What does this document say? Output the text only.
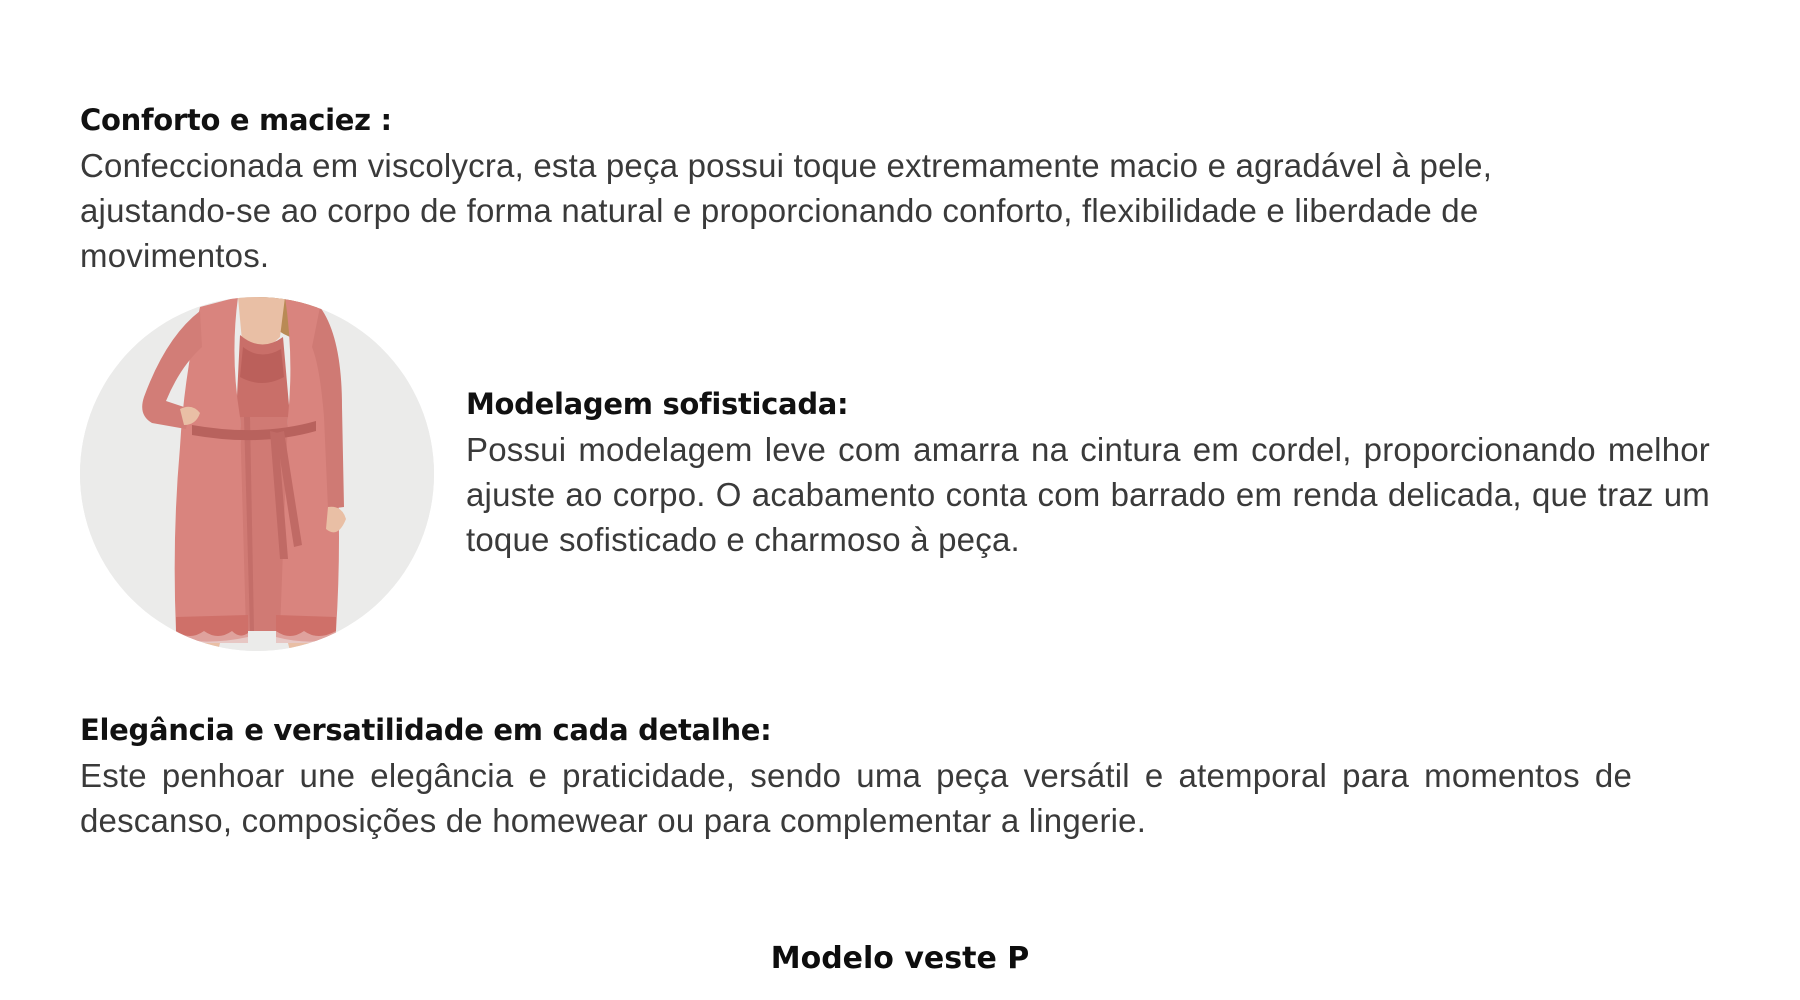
Conforto e maciez :

Confeccionada em viscolycra, esta peça possui toque extremamente macio e agradável à pele, ajustando-se ao corpo de forma natural e proporcionando conforto, flexibilidade e liberdade de movimentos.

Modelagem sofisticada:

Possui modelagem leve com amarra na cintura em cordel, proporcionando melhor ajuste ao corpo. O acabamento conta com barrado em renda delicada, que traz um toque sofisticado e charmoso à peça.

Elegância e versatilidade em cada detalhe:

Este penhoar une elegância e praticidade, sendo uma peça versátil e atemporal para momentos de descanso, composições de homewear ou para complementar a lingerie.

Modelo veste P
